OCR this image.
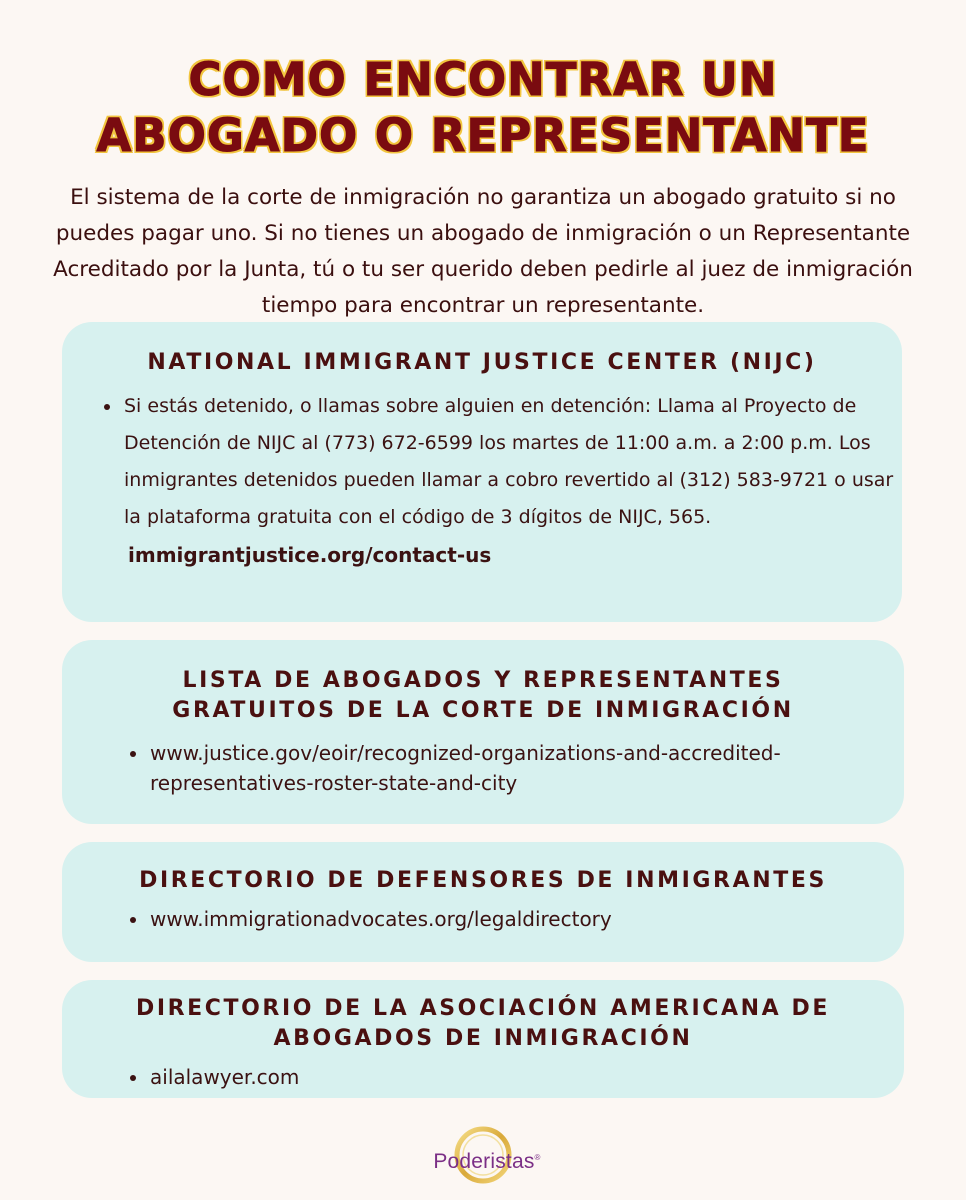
COMO ENCONTRAR UN
ABOGADO O REPRESENTANTE

El sistema de la corte de inmigración no garantiza un abogado gratuito si no puedes pagar uno. Si no tienes un abogado de inmigración o un Representante Acreditado por la Junta, tú o tu ser querido deben pedirle al juez de inmigración tiempo para encontrar un representante.

NATIONAL IMMIGRANT JUSTICE CENTER (NIJC)
Si estás detenido, o llamas sobre alguien en detención: Llama al Proyecto de Detención de NIJC al (773) 672-6599 los martes de 11:00 a.m. a 2:00 p.m. Los inmigrantes detenidos pueden llamar a cobro revertido al (312) 583-9721 o usar la plataforma gratuita con el código de 3 dígitos de NIJC, 565.
immigrantjustice.org/contact-us
LISTA DE ABOGADOS Y REPRESENTANTES
GRATUITOS DE LA CORTE DE INMIGRACIÓN
www.justice.gov/eoir/recognized-organizations-and-accredited-representatives-roster-state-and-city
DIRECTORIO DE DEFENSORES DE INMIGRANTES
www.immigrationadvocates.org/legaldirectory
DIRECTORIO DE LA ASOCIACIÓN AMERICANA DE
ABOGADOS DE INMIGRACIÓN
ailalawyer.com
Poderistas®
